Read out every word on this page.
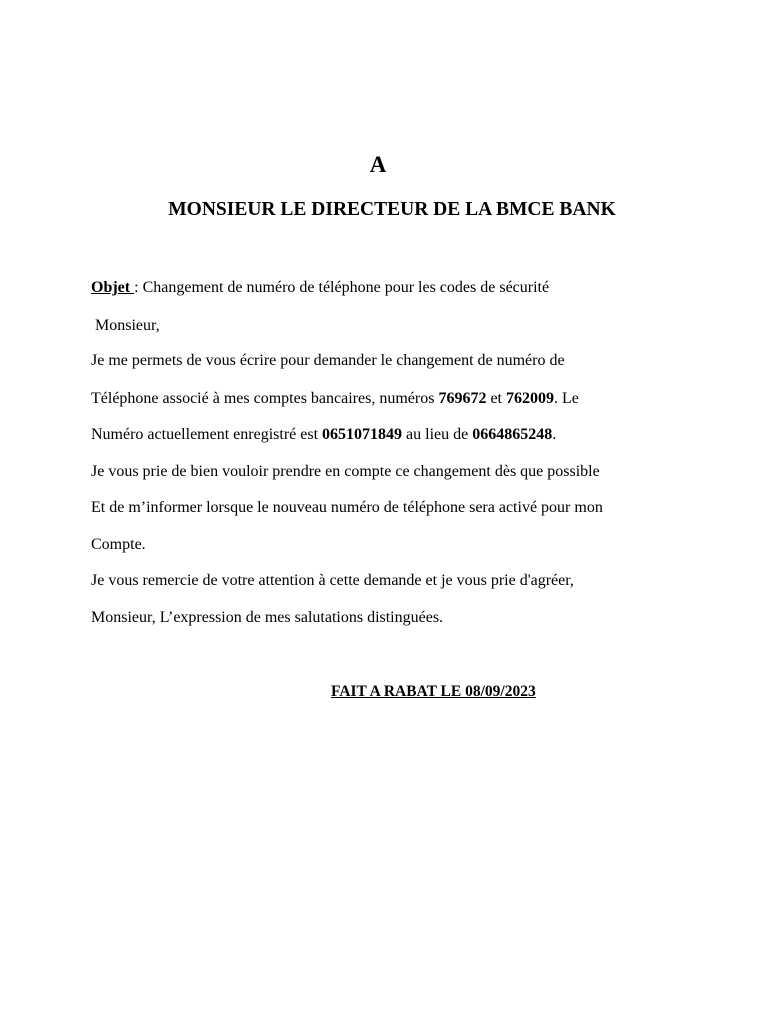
A
MONSIEUR LE DIRECTEUR DE LA BMCE BANK
Objet : Changement de numéro de téléphone pour les codes de sécurité
Monsieur,
Je me permets de vous écrire pour demander le changement de numéro de
Téléphone associé à mes comptes bancaires, numéros 769672 et 762009. Le
Numéro actuellement enregistré est 0651071849 au lieu de 0664865248.
Je vous prie de bien vouloir prendre en compte ce changement dès que possible
Et de m’informer lorsque le nouveau numéro de téléphone sera activé pour mon
Compte.
Je vous remercie de votre attention à cette demande et je vous prie d'agréer,
Monsieur, L’expression de mes salutations distinguées.
FAIT A RABAT LE 08/09/2023
